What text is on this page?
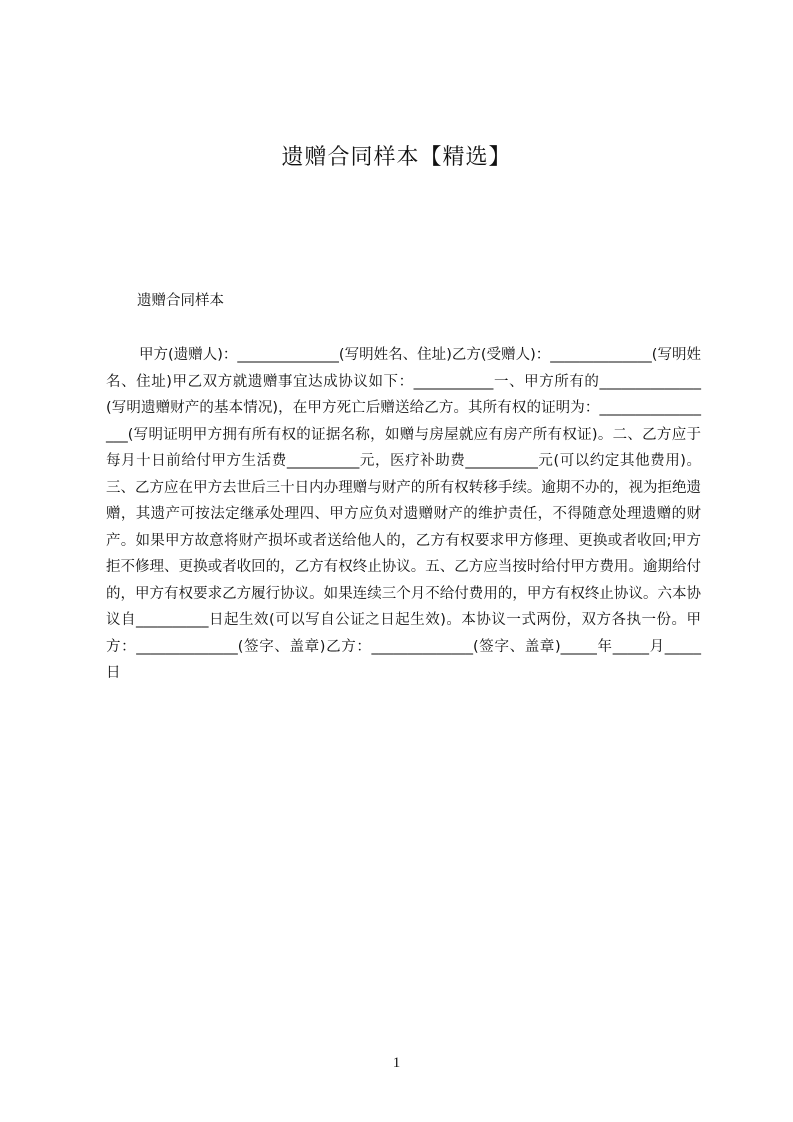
遗赠合同样本【精选】

遗赠合同样本

甲方(遗赠人)：______________(写明姓名、住址)乙方(受赠人)：______________(写明姓名、住址)甲乙双方就遗赠事宜达成协议如下：___________一、甲方所有的______________(写明遗赠财产的基本情况)，在甲方死亡后赠送给乙方。其所有权的证明为：_________________(写明证明甲方拥有所有权的证据名称，如赠与房屋就应有房产所有权证)。二、乙方应于每月十日前给付甲方生活费__________元，医疗补助费__________元(可以约定其他费用)。三、乙方应在甲方去世后三十日内办理赠与财产的所有权转移手续。逾期不办的，视为拒绝遗赠，其遗产可按法定继承处理四、甲方应负对遗赠财产的维护责任，不得随意处理遗赠的财产。如果甲方故意将财产损坏或者送给他人的，乙方有权要求甲方修理、更换或者收回;甲方拒不修理、更换或者收回的，乙方有权终止协议。五、乙方应当按时给付甲方费用。逾期给付的，甲方有权要求乙方履行协议。如果连续三个月不给付费用的，甲方有权终止协议。六本协议自__________日起生效(可以写自公证之日起生效)。本协议一式两份，双方各执一份。甲方：______________(签字、盖章)乙方：______________(签字、盖章)_____年_____月_____日

1
